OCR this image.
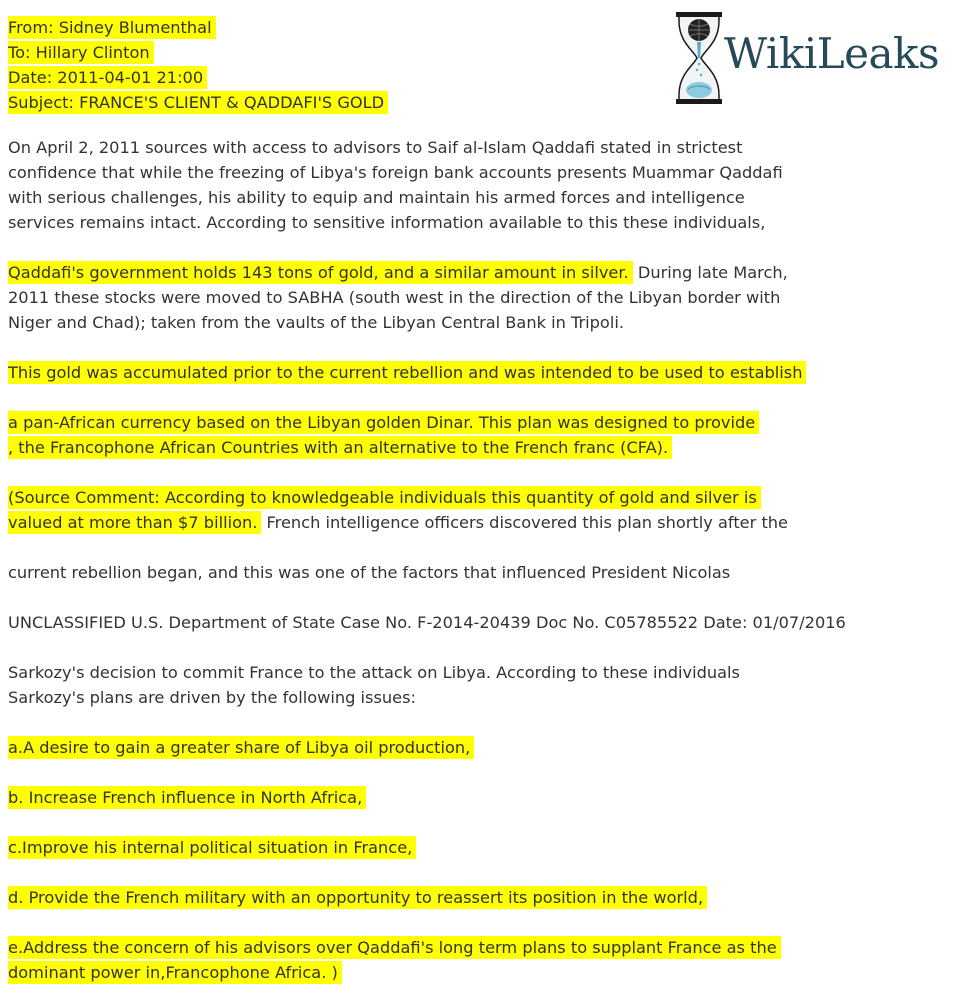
From: Sidney Blumenthal
To: Hillary Clinton
Date: 2011-04-01 21:00
Subject: FRANCE'S CLIENT & QADDAFI'S GOLD
WikiLeaks
On April 2, 2011 sources with access to advisors to Saif al-Islam Qaddafi stated in strictest
confidence that while the freezing of Libya's foreign bank accounts presents Muammar Qaddafi
with serious challenges, his ability to equip and maintain his armed forces and intelligence
services remains intact. According to sensitive information available to this these individuals,
Qaddafi's government holds 143 tons of gold, and a similar amount in silver. During late March,
2011 these stocks were moved to SABHA (south west in the direction of the Libyan border with
Niger and Chad); taken from the vaults of the Libyan Central Bank in Tripoli.
This gold was accumulated prior to the current rebellion and was intended to be used to establish
a pan-African currency based on the Libyan golden Dinar. This plan was designed to provide
, the Francophone African Countries with an alternative to the French franc (CFA).
(Source Comment: According to knowledgeable individuals this quantity of gold and silver is
valued at more than $7 billion. French intelligence officers discovered this plan shortly after the
current rebellion began, and this was one of the factors that influenced President Nicolas
UNCLASSIFIED U.S. Department of State Case No. F-2014-20439 Doc No. C05785522 Date: 01/07/2016
Sarkozy's decision to commit France to the attack on Libya. According to these individuals
Sarkozy's plans are driven by the following issues:
a.A desire to gain a greater share of Libya oil production,
b. Increase French influence in North Africa,
c.Improve his internal political situation in France,
d. Provide the French military with an opportunity to reassert its position in the world,
e.Address the concern of his advisors over Qaddafi's long term plans to supplant France as the
dominant power in,Francophone Africa. )
